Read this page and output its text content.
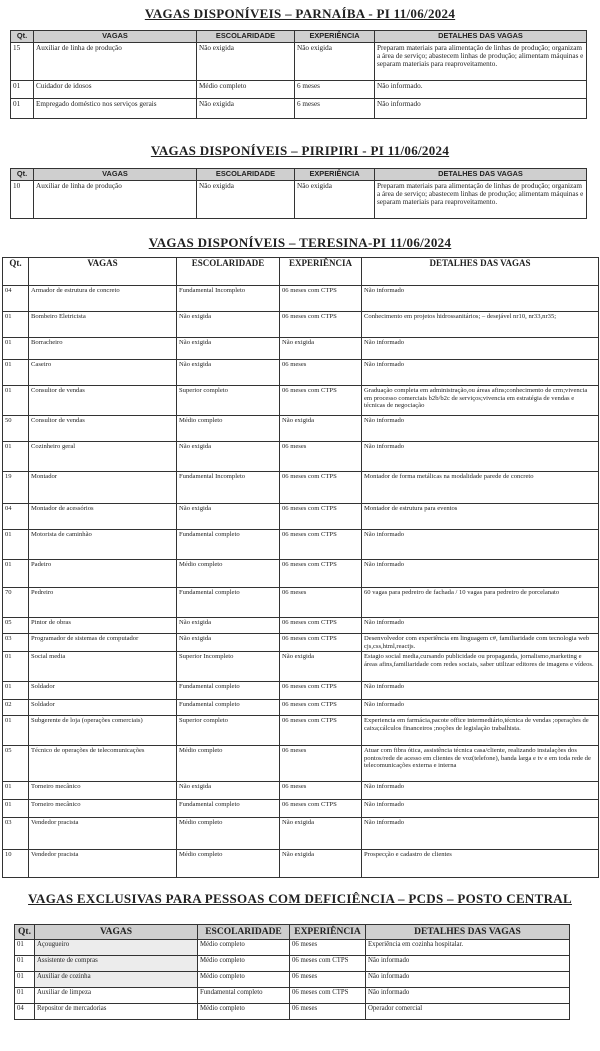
VAGAS DISPONÍVEIS – PARNAÍBA - PI 11/06/2024
Qt.	VAGAS	ESCOLARIDADE	EXPERIÊNCIA	DETALHES DAS VAGAS
15	Auxiliar de linha de produção	Não exigida	Não exigida	Preparam materiais para alimentação de linhas de produção; organizam a área de serviço; abastecem linhas de produção; alimentam máquinas e separam materiais para reaproveitamento.
01	Cuidador de idosos	Médio completo	6 meses	Não informado.
01	Empregado doméstico nos serviços gerais	Não exigida	6 meses	Não informado
VAGAS DISPONÍVEIS – PIRIPIRI - PI 11/06/2024
Qt.	VAGAS	ESCOLARIDADE	EXPERIÊNCIA	DETALHES DAS VAGAS
10	Auxiliar de linha de produção	Não exigida	Não exigida	Preparam materiais para alimentação de linhas de produção; organizam a área de serviço; abastecem linhas de produção; alimentam máquinas e separam materiais para reaproveitamento.
VAGAS DISPONÍVEIS – TERESINA-PI 11/06/2024
Qt.	VAGAS	ESCOLARIDADE	EXPERIÊNCIA	DETALHES DAS VAGAS
04	Armador de estrutura de concreto	Fundamental Incompleto	06 meses com CTPS	Não informado
01	Bombeiro Eletricista	Não exigida	06 meses com CTPS	Conhecimento em projetos hidrossanitários; – desejável nr10, nr33,nr35;
01	Borracheiro	Não exigida	Não exigida	Não informado
01	Caseiro	Não exigida	06 meses	Não informado
01	Consultor de vendas	Superior completo	06 meses com CTPS	Graduação completa em administração,ou áreas afins;conhecimento de crm;vivencia em processo comerciais b2b/b2c de serviços;vivencia em estratégia de vendas e técnicas de negociação
50	Consultor de vendas	Médio completo	Não exigida	Não informado
01	Cozinheiro geral	Não exigida	06 meses	Não informado
19	Montador	Fundamental Incompleto	06 meses com CTPS	Montador de forma metálicas na modalidade parede de concreto
04	Montador de acessórios	Não exigida	06 meses com CTPS	Montador de estrutura para eventos
01	Motorista de caminhão	Fundamental completo	06 meses com CTPS	Não informado
01	Padeiro	Médio completo	06 meses com CTPS	Não informado
70	Pedreiro	Fundamental completo	06 meses	60 vagas para pedreiro de fachada / 10 vagas para pedreiro de porcelanato
05	Pintor de obras	Não exigida	06 meses com CTPS	Não informado
03	Programador de sistemas de computador	Não exigida	06 meses com CTPS	Desenvolvedor com experiência em linguagem c#, familiaridade com tecnologia web cjs,css,html,reactjs.
01	Social media	Superior Incompleto	Não exigida	Estagio social media,cursando publicidade ou propaganda, jornalismo,marketing e áreas afins,familiaridade com redes sociais, saber utilizar editores de imagens e vídeos.
01	Soldador	Fundamental completo	06 meses com CTPS	Não informado
02	Soldador	Fundamental completo	06 meses com CTPS	Não informado
01	Subgerente de loja (operações comerciais)	Superior completo	06 meses com CTPS	Experiencia em farmácia,pacote office intermediário,técnica de vendas ;operações de caixa;cálculos financeiros ;noções de legislação trabalhista.
05	Técnico de operações de telecomunicações	Médio completo	06 meses	Atuar com fibra ótica, assistência técnica casa/cliente, realizando instalações dos pontos/rede de acesso em clientes de voz(telefone), banda larga e tv e em toda rede de telecomunicações externa e interna
01	Torneiro mecânico	Não exigida	06 meses	Não informado
01	Torneiro mecânico	Fundamental completo	06 meses com CTPS	Não informado
03	Vendedor pracista	Médio completo	Não exigida	Não informado
10	Vendedor pracista	Médio completo	Não exigida	Prospecção e cadastro de clientes
VAGAS EXCLUSIVAS PARA PESSOAS COM DEFICIÊNCIA – PCDS – POSTO CENTRAL
Qt.	VAGAS	ESCOLARIDADE	EXPERIÊNCIA	DETALHES DAS VAGAS
01	Açougueiro	Médio completo	06 meses	Experiência em cozinha hospitalar.
01	Assistente de compras	Médio completo	06 meses com CTPS	Não informado
01	Auxiliar de cozinha	Médio completo	06 meses	Não informado
01	Auxiliar de limpeza	Fundamental completo	06 meses com CTPS	Não informado
04	Repositor de mercadorias	Médio completo	06 meses	Operador comercial
